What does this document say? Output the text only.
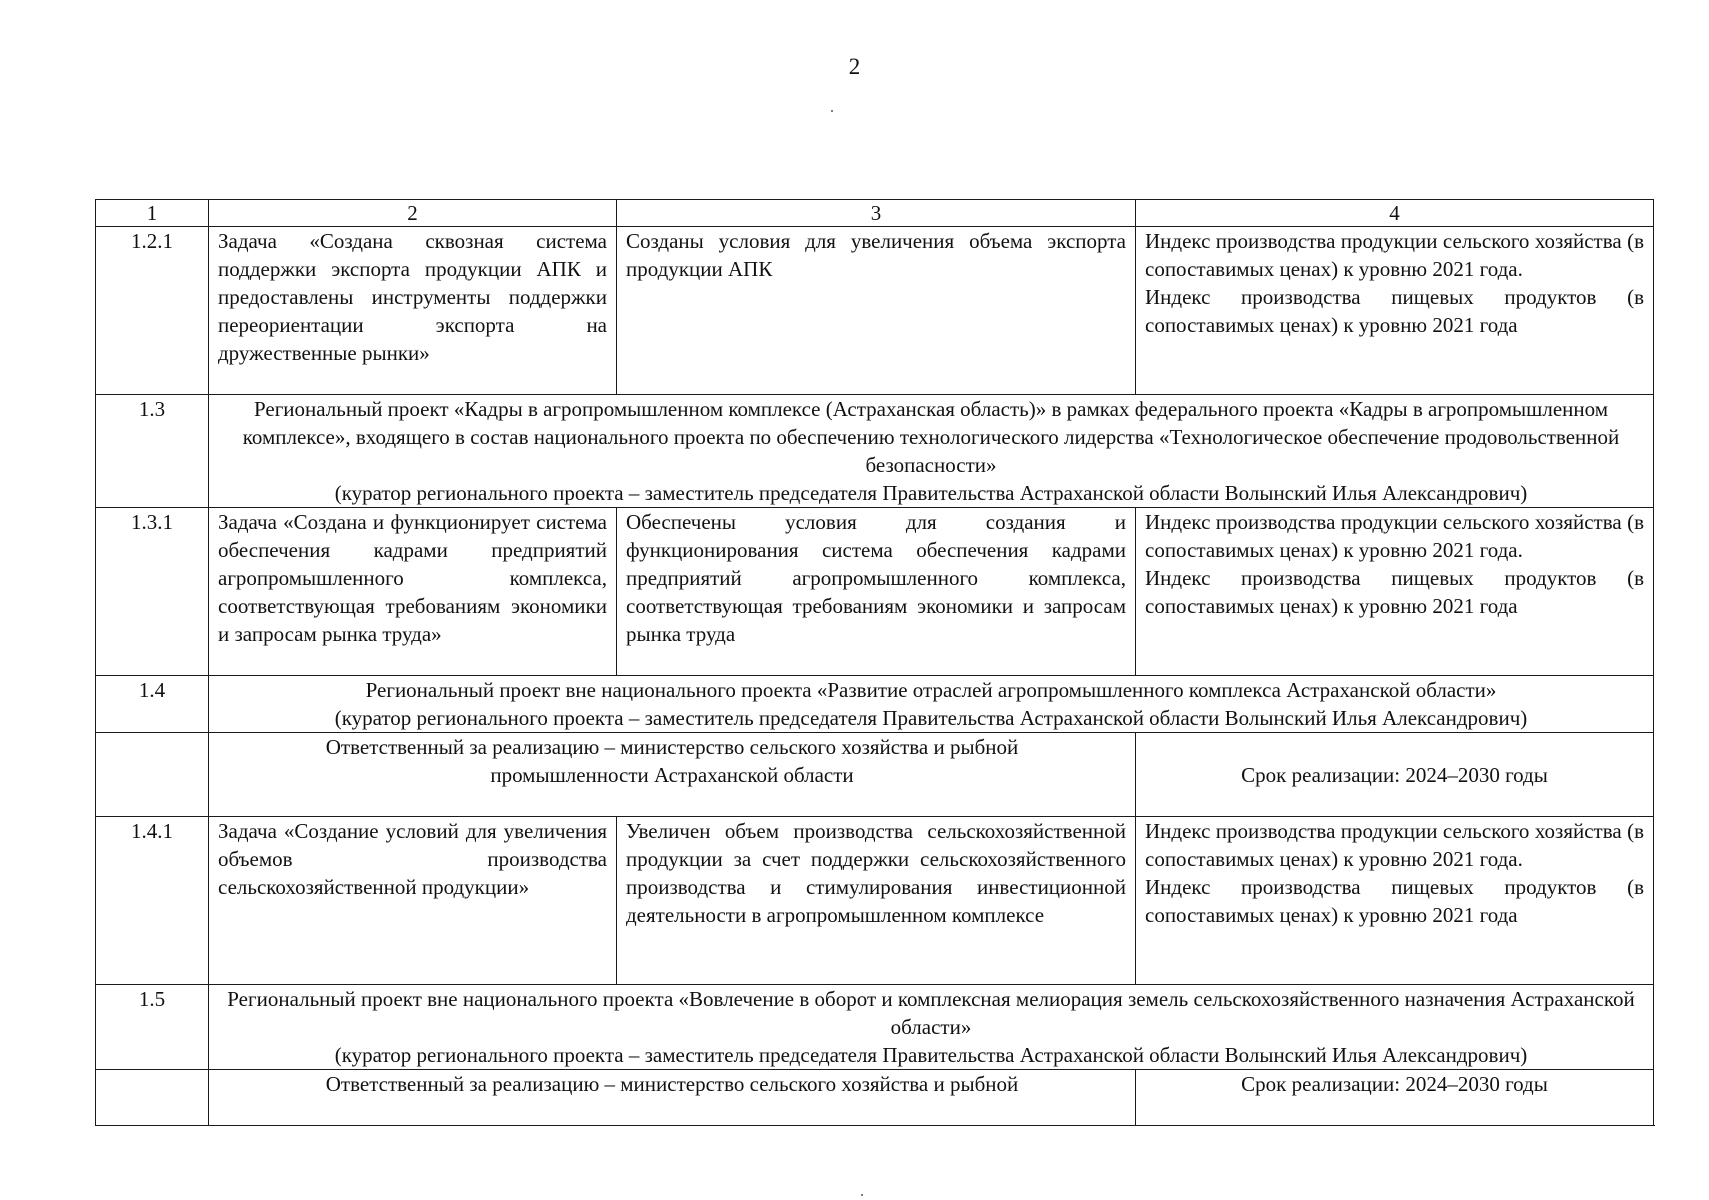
2
1	2	3	4
1.2.1	Задача «Создана сквозная система поддержки экспорта продукции АПК и предоставлены инструменты поддержки переориентации экспорта на дружественные рынки»	Созданы условия для увеличения объема экспорта продукции АПК	Индекс производства продукции сельского хозяйства (в сопоставимых ценах) к уровню 2021 года.
Индекс производства пищевых продуктов (в сопоставимых ценах) к уровню 2021 года

1.3	Региональный проект «Кадры в агропромышленном комплексе (Астраханская область)» в рамках федерального проекта «Кадры в агропромышленном комплексе», входящего в состав национального проекта по обеспечению технологического лидерства «Технологическое обеспечение продовольственной безопасности»
(куратор регионального проекта – заместитель председателя Правительства Астраханской области Волынский Илья Александрович)		

1.3.1	Задача «Создана и функционирует система обеспечения кадрами предприятий агропромышленного комплекса, соответствующая требованиям экономики и запросам рынка труда»	Обеспечены условия для создания и функционирования система обеспечения кадрами предприятий агропромышленного комплекса, соответствующая требованиям экономики и запросам рынка труда	Индекс производства продукции сельского хозяйства (в сопоставимых ценах) к уровню 2021 года.
Индекс производства пищевых продуктов (в сопоставимых ценах) к уровню 2021 года

1.4	Региональный проект вне национального проекта «Развитие отраслей агропромышленного комплекса Астраханской области»
(куратор регионального проекта – заместитель председателя Правительства Астраханской области Волынский Илья Александрович)		

	Ответственный за реализацию – министерство сельского хозяйства и рыбной промышленности Астраханской области		Срок реализации: 2024–2030 годы
1.4.1	Задача «Создание условий для увеличения объемов производства сельскохозяйственной продукции»	Увеличен объем производства сельскохозяйственной продукции за счет поддержки сельскохозяйственного производства и стимулирования инвестиционной деятельности в агропромышленном комплексе	Индекс производства продукции сельского хозяйства (в сопоставимых ценах) к уровню 2021 года.
Индекс производства пищевых продуктов (в сопоставимых ценах) к уровню 2021 года

1.5	Региональный проект вне национального проекта «Вовлечение в оборот и комплексная мелиорация земель сельскохозяйственного назначения Астраханской области»
(куратор регионального проекта – заместитель председателя Правительства Астраханской области Волынский Илья Александрович)		

	Ответственный за реализацию – министерство сельского хозяйства и рыбной		Срок реализации: 2024–2030 годы
